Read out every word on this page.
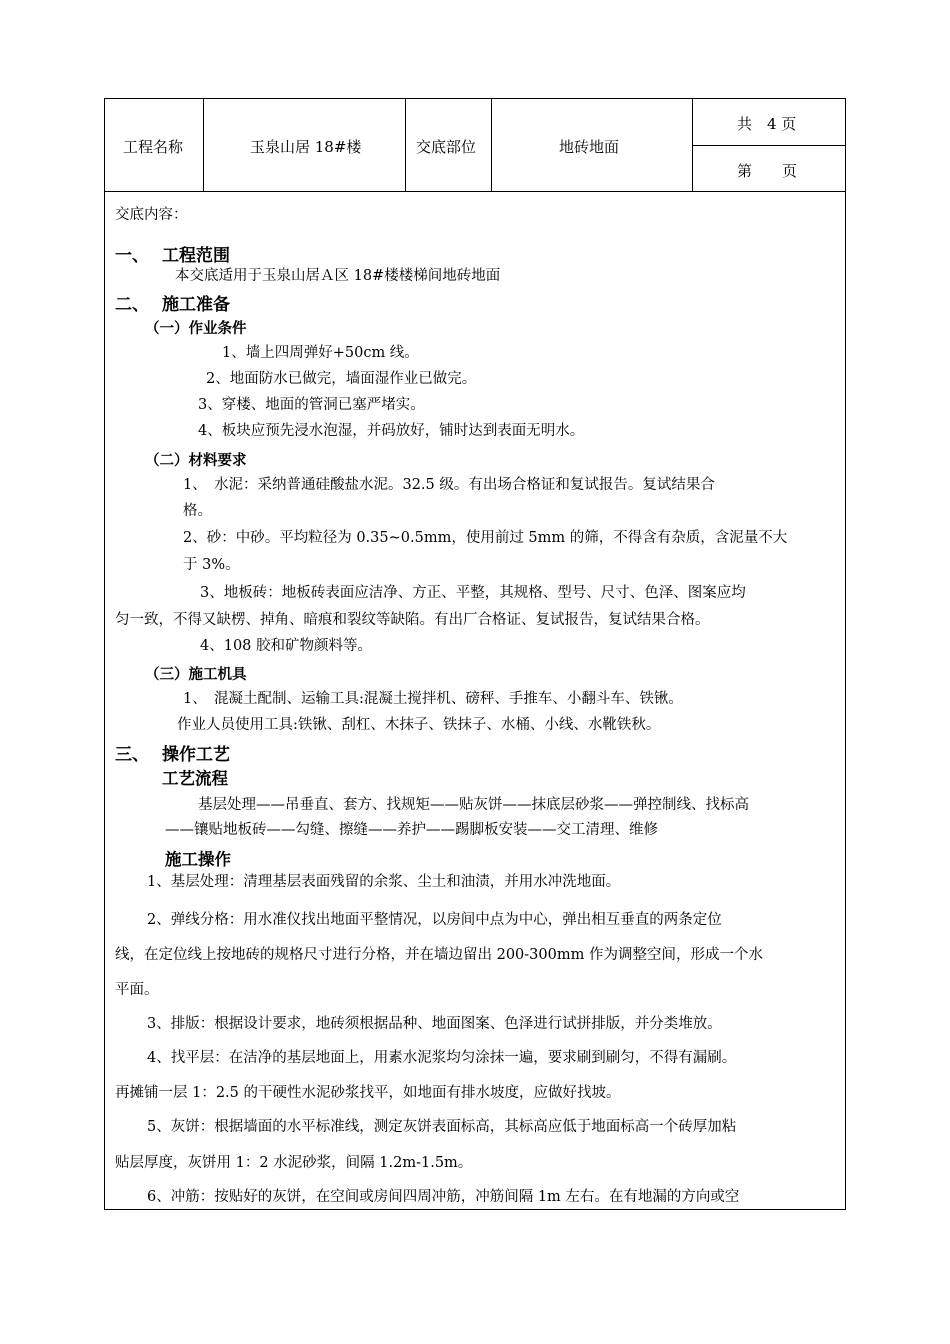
工程名称	玉泉山居 18#楼	交底部位	地砖地面
共　4 页
第　　页
交底内容：
一、 工程范围
本交底适用于玉泉山居Ａ区 18#楼楼梯间地砖地面
二、 施工准备
（一）作业条件
1、墙上四周弹好+50cm 线。
2、地面防水已做完，墙面湿作业已做完。
3、穿楼、地面的管洞已塞严堵实。
4、板块应预先浸水泡湿，并码放好，铺时达到表面无明水。
（二）材料要求
1、　水泥：采纳普通硅酸盐水泥。32.5 级。有出场合格证和复试报告。复试结果合
格。
2、砂：中砂。平均粒径为 0.35~0.5mm，使用前过 5mm 的筛，不得含有杂质，含泥量不大
于 3%。
3、地板砖：地板砖表面应洁净、方正、平整，其规格、型号、尺寸、色泽、图案应均
匀一致，不得又缺楞、掉角、暗痕和裂纹等缺陷。有出厂合格证、复试报告，复试结果合格。
4、108 胶和矿物颜料等。
（三）施工机具
1、　混凝土配制、运输工具:混凝土搅拌机、磅秤、手推车、小翻斗车、铁锹。
作业人员使用工具:铁锹、刮杠、木抹子、铁抹子、水桶、小线、水靴铁秋。
三、 操作工艺
工艺流程
基层处理——吊垂直、套方、找规矩——贴灰饼——抹底层砂浆——弹控制线、找标高
——镶贴地板砖——勾缝、擦缝——养护——踢脚板安装——交工清理、维修
施工操作
1、基层处理：清理基层表面残留的余浆、尘土和油渍，并用水冲洗地面。
2、弹线分格：用水准仪找出地面平整情况，以房间中点为中心，弹出相互垂直的两条定位
线，在定位线上按地砖的规格尺寸进行分格，并在墙边留出 200-300mm 作为调整空间，形成一个水
平面。
3、排版：根据设计要求，地砖须根据品种、地面图案、色泽进行试拼排版，并分类堆放。
4、找平层：在洁净的基层地面上，用素水泥浆均匀涂抹一遍，要求刷到刷匀，不得有漏刷。
再摊铺一层 1：2.5 的干硬性水泥砂浆找平，如地面有排水坡度，应做好找坡。
5、灰饼：根据墙面的水平标准线，测定灰饼表面标高，其标高应低于地面标高一个砖厚加粘
贴层厚度，灰饼用 1：2 水泥砂浆，间隔 1.2m-1.5m。
6、冲筋：按贴好的灰饼，在空间或房间四周冲筋，冲筋间隔 1m 左右。在有地漏的方向或空
